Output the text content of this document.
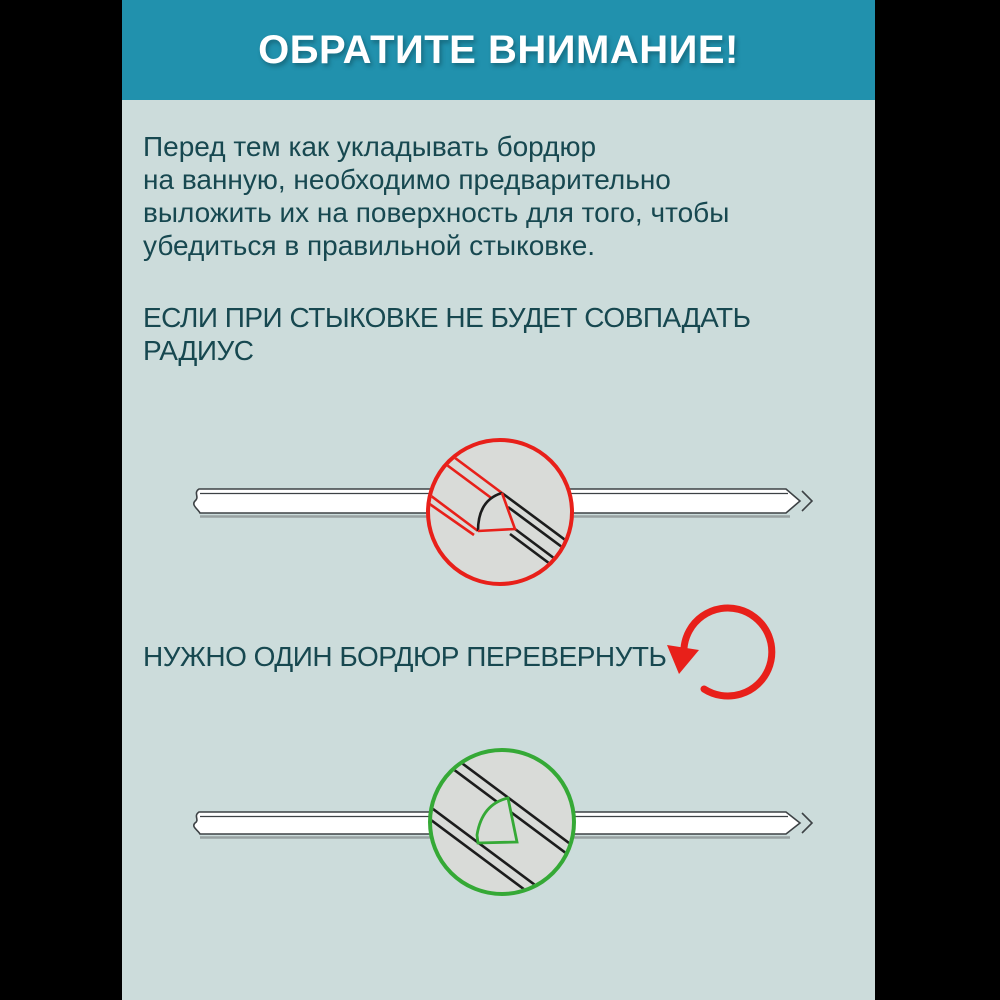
ОБРАТИТЕ ВНИМАНИЕ!
Перед тем как укладывать бордюр
на ванную, необходимо предварительно
выложить их на поверхность для того, чтобы
убедиться в правильной стыковке.
ЕСЛИ ПРИ СТЫКОВКЕ НЕ БУДЕТ СОВПАДАТЬ
РАДИУС
НУЖНО ОДИН БОРДЮР ПЕРЕВЕРНУТЬ
